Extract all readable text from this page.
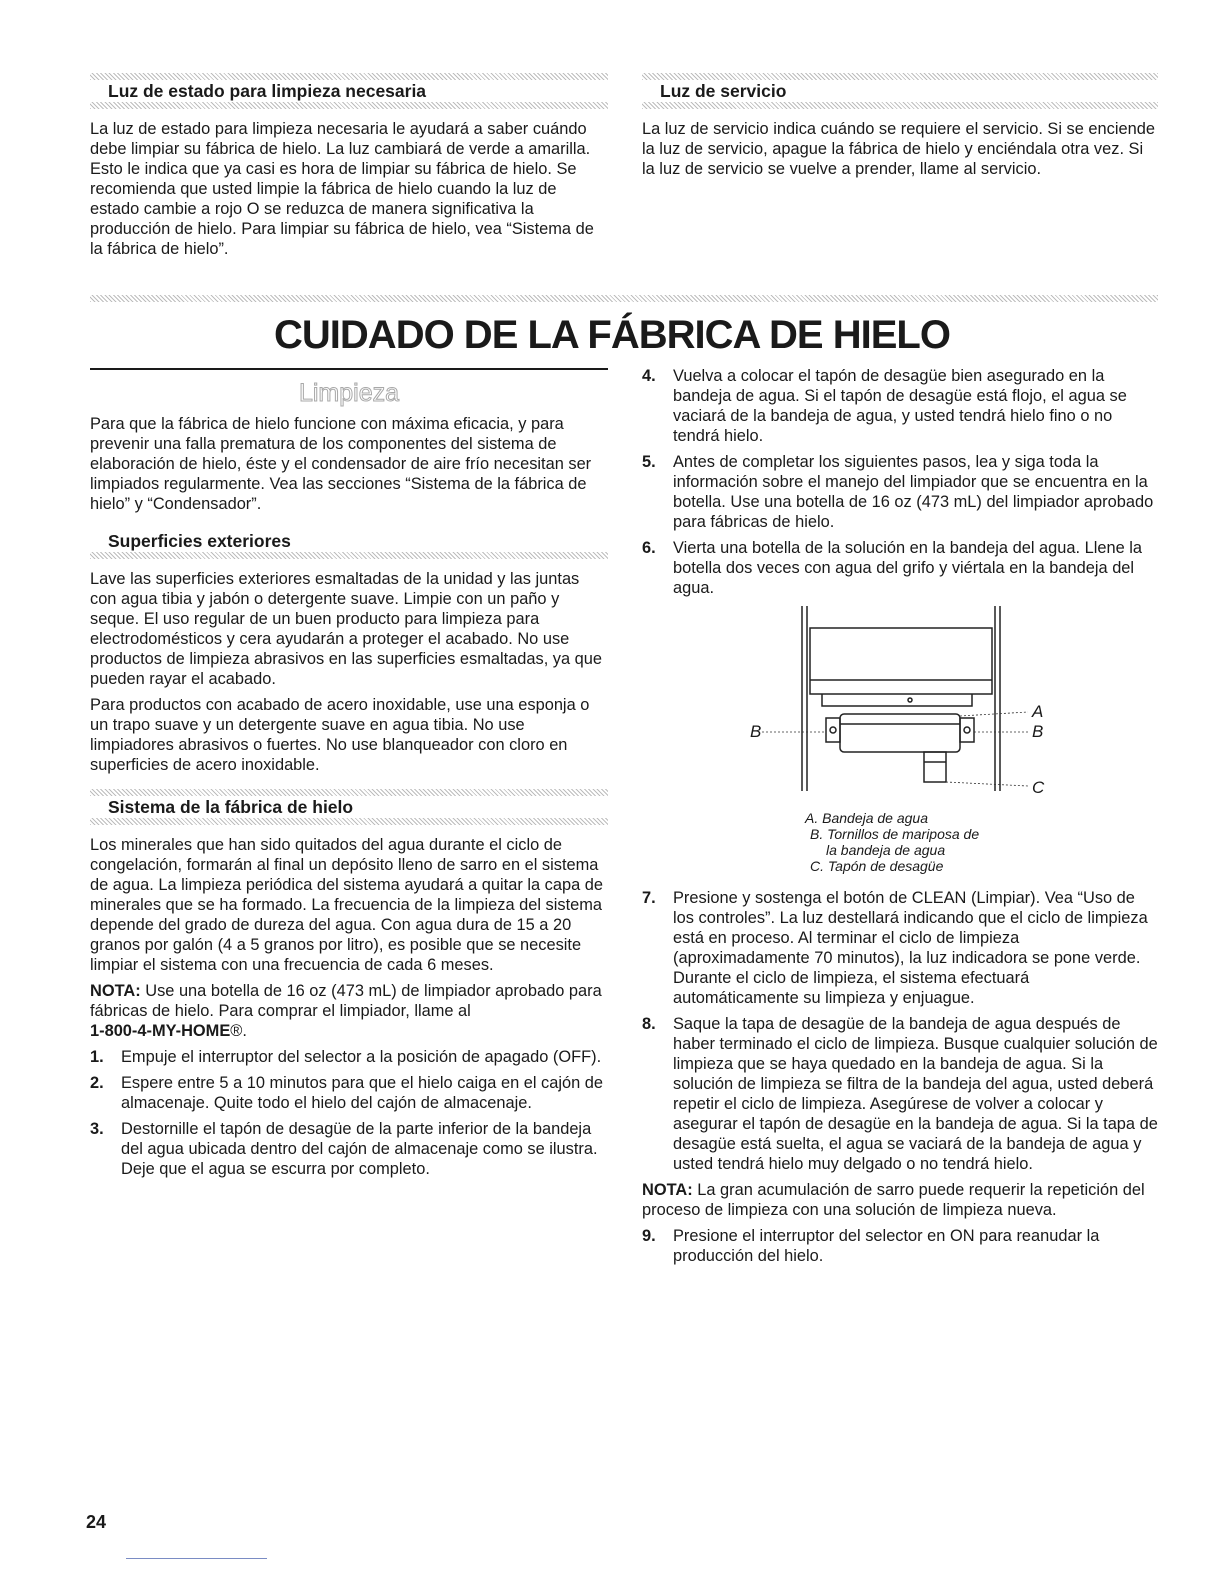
Luz de estado para limpieza necesaria

La luz de estado para limpieza necesaria le ayudará a saber cuándo debe limpiar su fábrica de hielo. La luz cambiará de verde a amarilla. Esto le indica que ya casi es hora de limpiar su fábrica de hielo. Se recomienda que usted limpie la fábrica de hielo cuando la luz de estado cambie a rojo O se reduzca de manera significativa la producción de hielo. Para limpiar su fábrica de hielo, vea “Sistema de la fábrica de hielo”.

Luz de servicio

La luz de servicio indica cuándo se requiere el servicio. Si se enciende la luz de servicio, apague la fábrica de hielo y enciéndala otra vez. Si la luz de servicio se vuelve a prender, llame al servicio.

CUIDADO DE LA FÁBRICA DE HIELO
Limpieza

Para que la fábrica de hielo funcione con máxima eficacia, y para prevenir una falla prematura de los componentes del sistema de elaboración de hielo, éste y el condensador de aire frío necesitan ser limpiados regularmente. Vea las secciones “Sistema de la fábrica de hielo” y “Condensador”.

Superficies exteriores

Lave las superficies exteriores esmaltadas de la unidad y las juntas con agua tibia y jabón o detergente suave. Limpie con un paño y seque. El uso regular de un buen producto para limpieza para electrodomésticos y cera ayudarán a proteger el acabado. No use productos de limpieza abrasivos en las superficies esmaltadas, ya que pueden rayar el acabado.

Para productos con acabado de acero inoxidable, use una esponja o un trapo suave y un detergente suave en agua tibia. No use limpiadores abrasivos o fuertes. No use blanqueador con cloro en superficies de acero inoxidable.

Sistema de la fábrica de hielo

Los minerales que han sido quitados del agua durante el ciclo de congelación, formarán al final un depósito lleno de sarro en el sistema de agua. La limpieza periódica del sistema ayudará a quitar la capa de minerales que se ha formado. La frecuencia de la limpieza del sistema depende del grado de dureza del agua. Con agua dura de 15 a 20 granos por galón (4 a 5 granos por litro), es posible que se necesite limpiar el sistema con una frecuencia de cada 6 meses.

NOTA: Use una botella de 16 oz (473 mL) de limpiador aprobado para fábricas de hielo. Para comprar el limpiador, llame al
1-800-4-MY-HOME®.

1. Empuje el interruptor del selector a la posición de apagado (OFF).
2. Espere entre 5 a 10 minutos para que el hielo caiga en el cajón de almacenaje. Quite todo el hielo del cajón de almacenaje.
3. Destornille el tapón de desagüe de la parte inferior de la bandeja del agua ubicada dentro del cajón de almacenaje como se ilustra. Deje que el agua se escurra por completo.
4. Vuelva a colocar el tapón de desagüe bien asegurado en la bandeja de agua. Si el tapón de desagüe está flojo, el agua se vaciará de la bandeja de agua, y usted tendrá hielo fino o no tendrá hielo.
5. Antes de completar los siguientes pasos, lea y siga toda la información sobre el manejo del limpiador que se encuentra en la botella. Use una botella de 16 oz (473 mL) del limpiador aprobado para fábricas de hielo.
6. Vierta una botella de la solución en la bandeja del agua. Llene la botella dos veces con agua del grifo y viértala en la bandeja del agua.
B
A
B
C
A. Bandeja de agua
B. Tornillos de mariposa de
la bandeja de agua
C. Tapón de desagüe
7. Presione y sostenga el botón de CLEAN (Limpiar). Vea “Uso de los controles”. La luz destellará indicando que el ciclo de limpieza está en proceso. Al terminar el ciclo de limpieza (aproximadamente 70 minutos), la luz indicadora se pone verde. Durante el ciclo de limpieza, el sistema efectuará automáticamente su limpieza y enjuague.
8. Saque la tapa de desagüe de la bandeja de agua después de haber terminado el ciclo de limpieza. Busque cualquier solución de limpieza que se haya quedado en la bandeja de agua. Si la solución de limpieza se filtra de la bandeja del agua, usted deberá repetir el ciclo de limpieza. Asegúrese de volver a colocar y asegurar el tapón de desagüe en la bandeja de agua. Si la tapa de desagüe está suelta, el agua se vaciará de la bandeja de agua y usted tendrá hielo muy delgado o no tendrá hielo.

NOTA: La gran acumulación de sarro puede requerir la repetición del proceso de limpieza con una solución de limpieza nueva.

9. Presione el interruptor del selector en ON para reanudar la producción del hielo.
24
